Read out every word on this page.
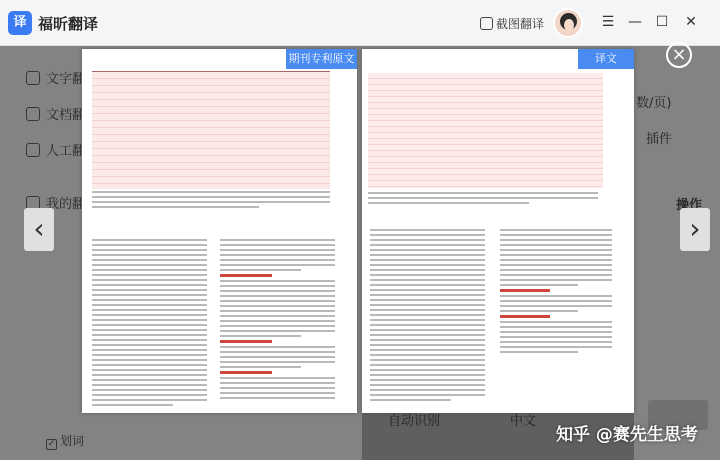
译 福昕翻译	截图翻译	☰ — ☐ ✕
期刊专利原文	译文
自动识别	中文
‹	›
×
知乎 @赛先生思考
